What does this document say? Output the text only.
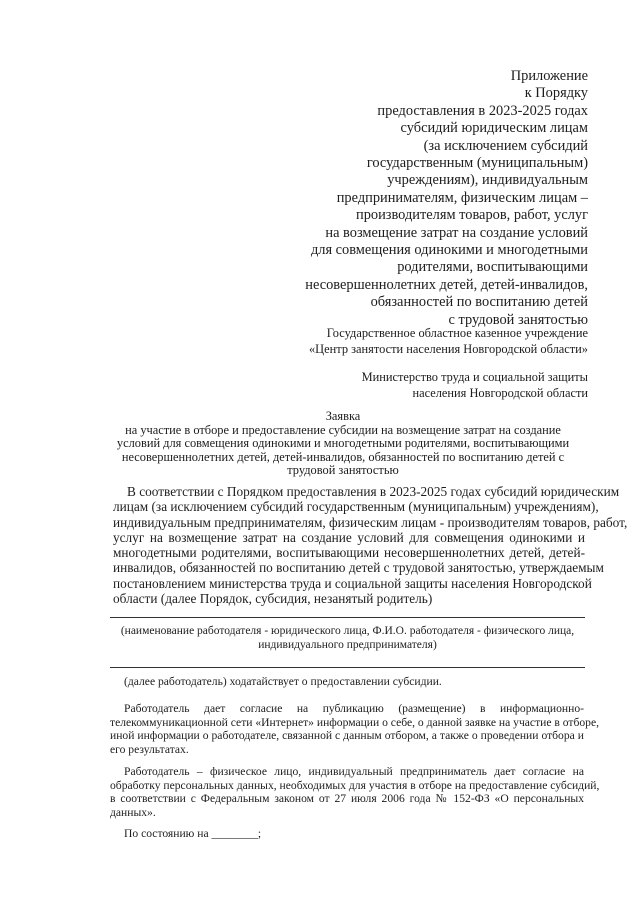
Приложение
к Порядку
предоставления в 2023-2025 годах
субсидий юридическим лицам
(за исключением субсидий
государственным (муниципальным)
учреждениям), индивидуальным
предпринимателям, физическим лицам –
производителям товаров, работ, услуг
на возмещение затрат на создание условий
для совмещения одинокими и многодетными
родителями, воспитывающими
несовершеннолетних детей, детей-инвалидов,
обязанностей по воспитанию детей
с трудовой занятостью
Государственное областное казенное учреждение
«Центр занятости населения Новгородской области»
Министерство труда и социальной защиты
населения Новгородской области
Заявка
на участие в отборе и предоставление субсидии на возмещение затрат на создание
условий для совмещения одинокими и многодетными родителями, воспитывающими
несовершеннолетних детей, детей-инвалидов, обязанностей по воспитанию детей с
трудовой занятостью
В соответствии с Порядком предоставления в 2023-2025 годах субсидий юридическим
лицам (за исключением субсидий государственным (муниципальным) учреждениям),
индивидуальным предпринимателям, физическим лицам - производителям товаров, работ,
услуг на возмещение затрат на создание условий для совмещения одинокими и
многодетными родителями, воспитывающими несовершеннолетних детей, детей-
инвалидов, обязанностей по воспитанию детей с трудовой занятостью, утверждаемым
постановлением министерства труда и социальной защиты населения Новгородской
области (далее Порядок, субсидия, незанятый родитель)
(наименование работодателя - юридического лица, Ф.И.О. работодателя - физического лица,
индивидуального предпринимателя)
(далее работодатель) ходатайствует о предоставлении субсидии.
Работодатель дает согласие на публикацию (размещение) в информационно-
телекоммуникационной сети «Интернет» информации о себе, о данной заявке на участие в отборе,
иной информации о работодателе, связанной с данным отбором, а также о проведении отбора и
его результатах.
Работодатель – физическое лицо, индивидуальный предприниматель дает согласие на
обработку персональных данных, необходимых для участия в отборе на предоставление субсидий,
в соответствии с Федеральным законом от 27 июля 2006 года № 152-ФЗ «О персональных
данных».
По состоянию на ________;
